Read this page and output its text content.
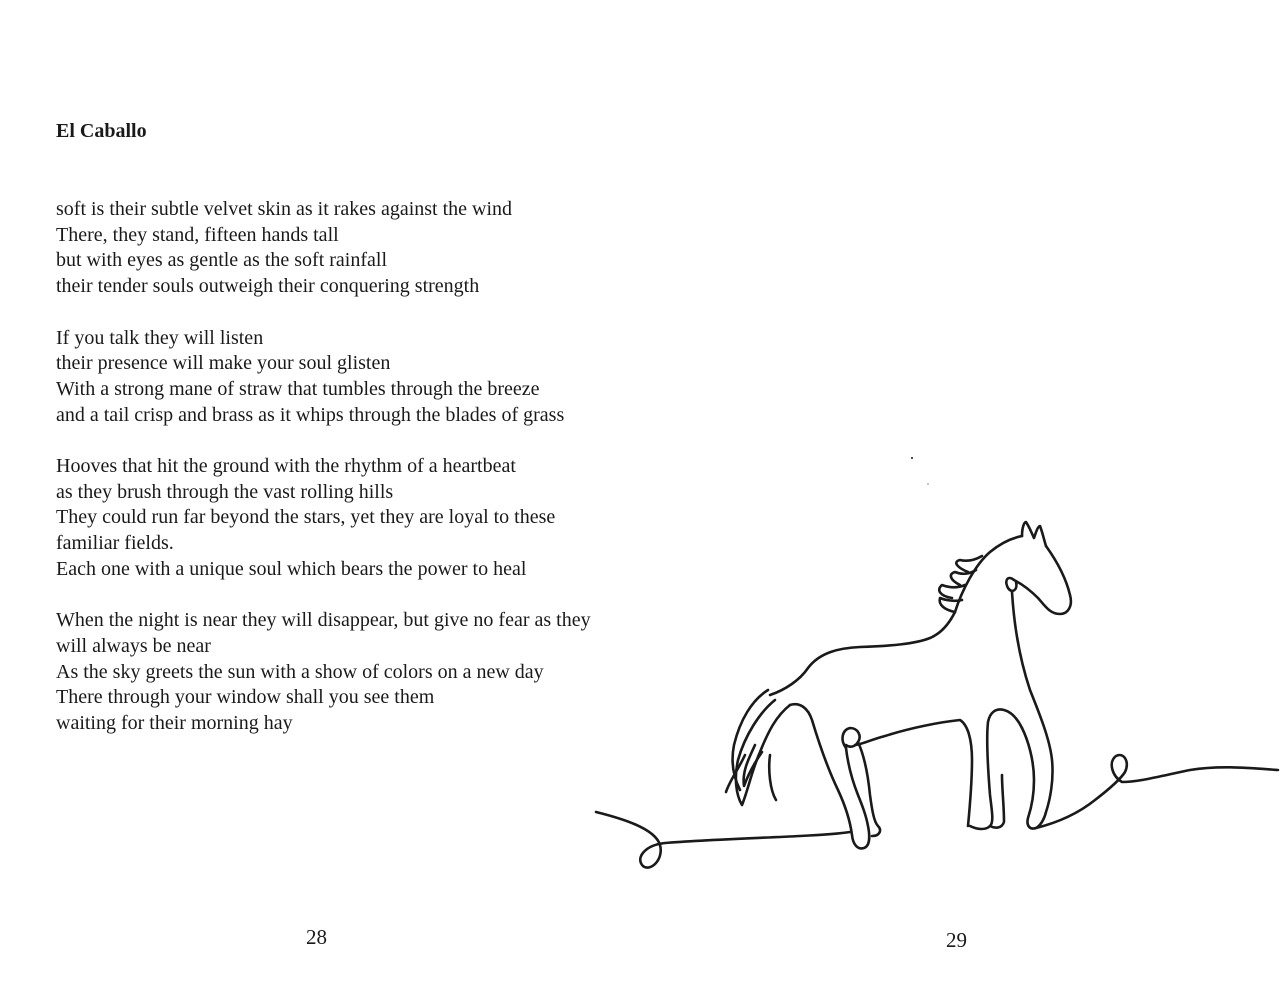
El Caballo
soft is their subtle velvet skin as it rakes against the wind
There, they stand, fifteen hands tall
but with eyes as gentle as the soft rainfall
their tender souls outweigh their conquering strength
If you talk they will listen
their presence will make your soul glisten
With a strong mane of straw that tumbles through the breeze
and a tail crisp and brass as it whips through the blades of grass
Hooves that hit the ground with the rhythm of a heartbeat
as they brush through the vast rolling hills
They could run far beyond the stars, yet they are loyal to these familiar fields.
Each one with a unique soul which bears the power to heal
When the night is near they will disappear, but give no fear as they will always be near
As the sky greets the sun with a show of colors on a new day
There through your window shall you see them
waiting for their morning hay
28	29
